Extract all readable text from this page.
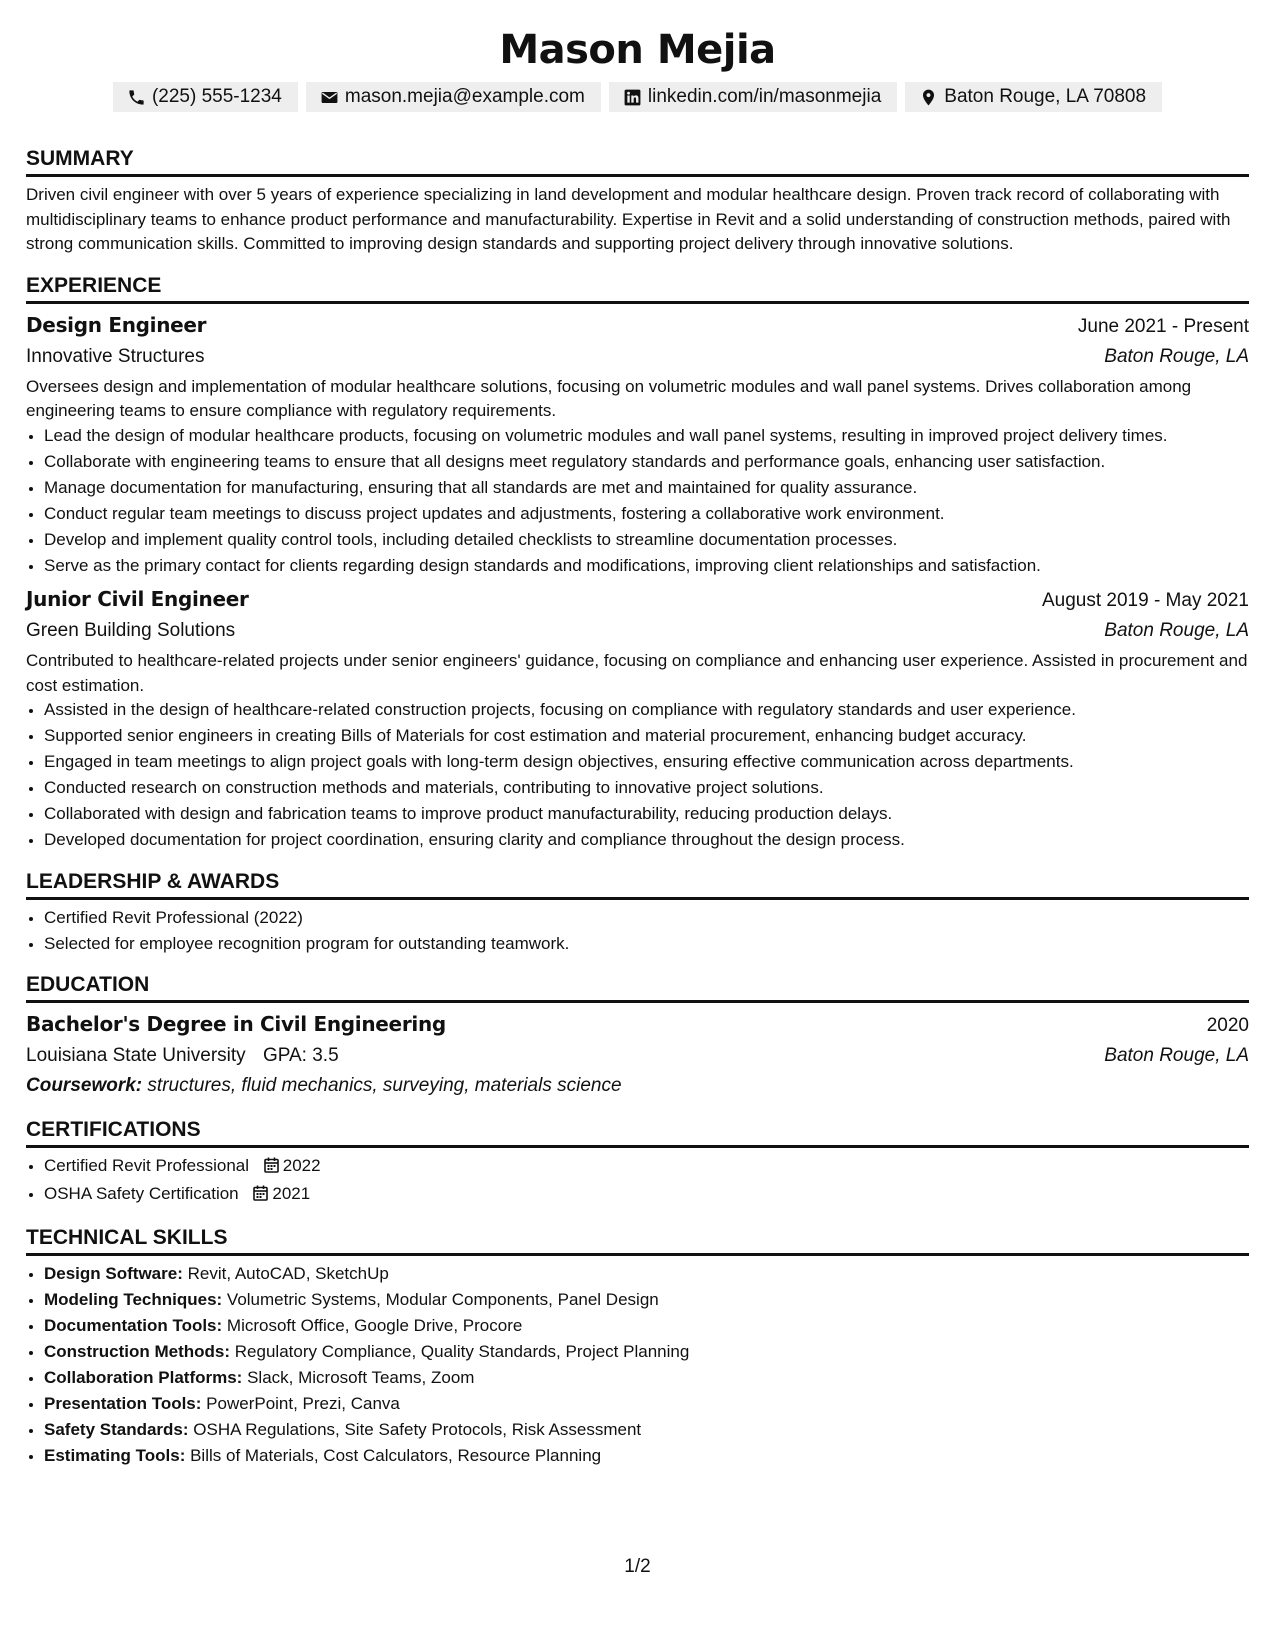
Mason Mejia
(225) 555-1234	mason.mejia@example.com	linkedin.com/in/masonmejia	Baton Rouge, LA 70808
SUMMARY

Driven civil engineer with over 5 years of experience specializing in land development and modular healthcare design. Proven track record of collaborating with multidisciplinary teams to enhance product performance and manufacturability. Expertise in Revit and a solid understanding of construction methods, paired with strong communication skills. Committed to improving design standards and supporting project delivery through innovative solutions.

EXPERIENCE
Design Engineer	June 2021 - Present
Innovative Structures	Baton Rouge, LA

Oversees design and implementation of modular healthcare solutions, focusing on volumetric modules and wall panel systems. Drives collaboration among engineering teams to ensure compliance with regulatory requirements.

• Lead the design of modular healthcare products, focusing on volumetric modules and wall panel systems, resulting in improved project delivery times.
• Collaborate with engineering teams to ensure that all designs meet regulatory standards and performance goals, enhancing user satisfaction.
• Manage documentation for manufacturing, ensuring that all standards are met and maintained for quality assurance.
• Conduct regular team meetings to discuss project updates and adjustments, fostering a collaborative work environment.
• Develop and implement quality control tools, including detailed checklists to streamline documentation processes.
• Serve as the primary contact for clients regarding design standards and modifications, improving client relationships and satisfaction.
Junior Civil Engineer	August 2019 - May 2021
Green Building Solutions	Baton Rouge, LA

Contributed to healthcare-related projects under senior engineers' guidance, focusing on compliance and enhancing user experience. Assisted in procurement and cost estimation.

• Assisted in the design of healthcare-related construction projects, focusing on compliance with regulatory standards and user experience.
• Supported senior engineers in creating Bills of Materials for cost estimation and material procurement, enhancing budget accuracy.
• Engaged in team meetings to align project goals with long-term design objectives, ensuring effective communication across departments.
• Conducted research on construction methods and materials, contributing to innovative project solutions.
• Collaborated with design and fabrication teams to improve product manufacturability, reducing production delays.
• Developed documentation for project coordination, ensuring clarity and compliance throughout the design process.
LEADERSHIP & AWARDS
• Certified Revit Professional (2022)
• Selected for employee recognition program for outstanding teamwork.
EDUCATION
Bachelor's Degree in Civil Engineering	2020
Louisiana State University GPA: 3.5	Baton Rouge, LA
Coursework: structures, fluid mechanics, surveying, materials science
CERTIFICATIONS
• Certified Revit Professional 2022
• OSHA Safety Certification 2021
TECHNICAL SKILLS
• Design Software: Revit, AutoCAD, SketchUp
• Modeling Techniques: Volumetric Systems, Modular Components, Panel Design
• Documentation Tools: Microsoft Office, Google Drive, Procore
• Construction Methods: Regulatory Compliance, Quality Standards, Project Planning
• Collaboration Platforms: Slack, Microsoft Teams, Zoom
• Presentation Tools: PowerPoint, Prezi, Canva
• Safety Standards: OSHA Regulations, Site Safety Protocols, Risk Assessment
• Estimating Tools: Bills of Materials, Cost Calculators, Resource Planning
1/2
